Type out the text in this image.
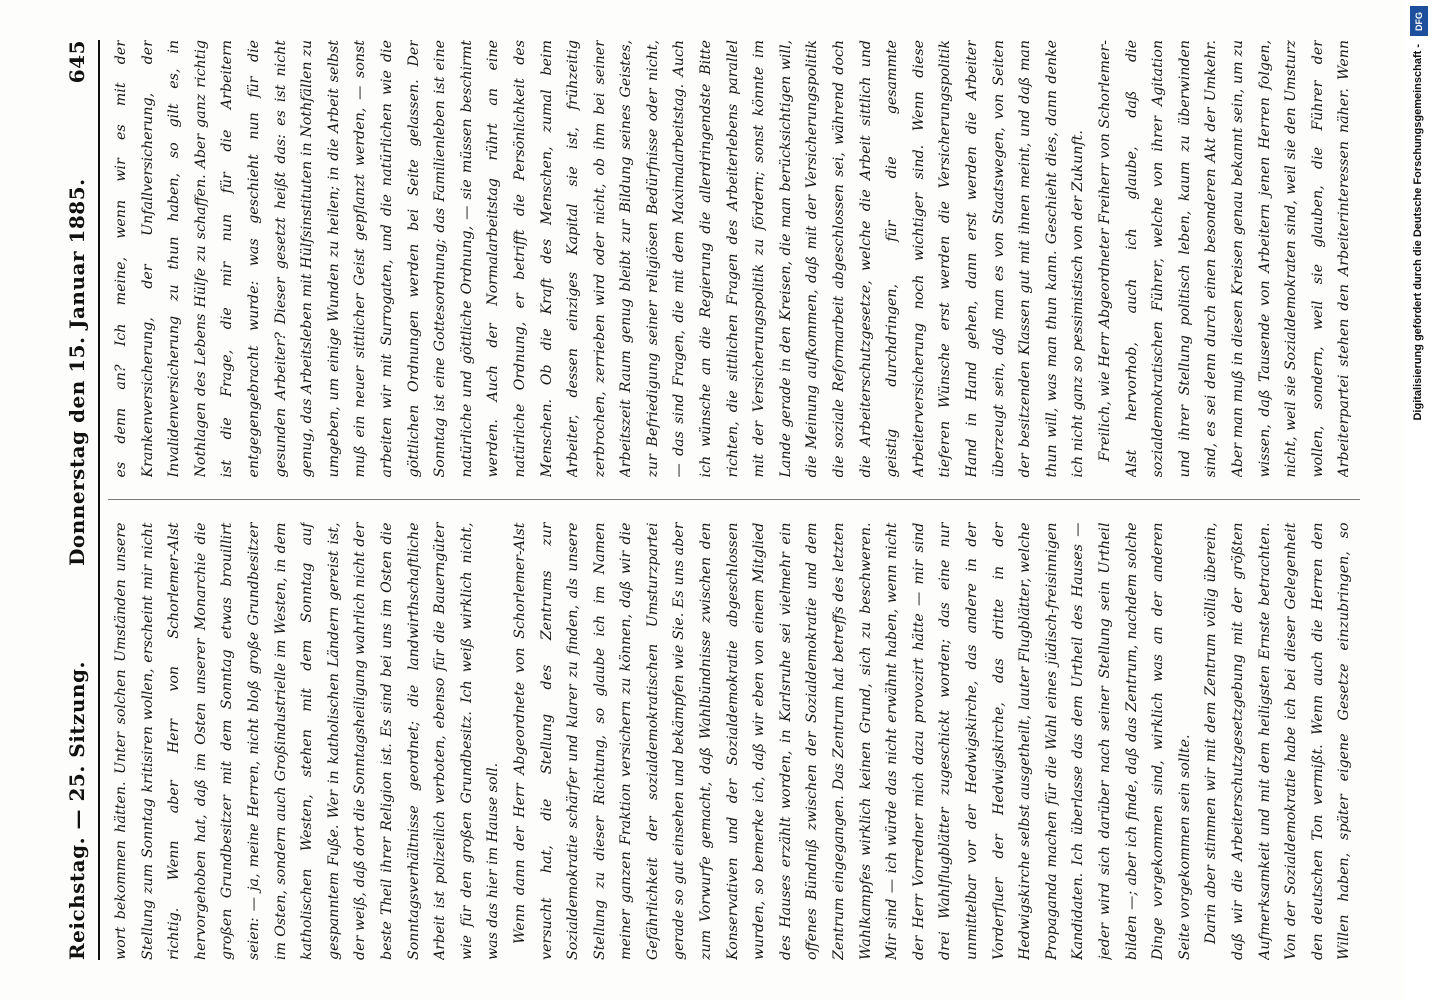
Reichstag. — 25. Sitzung.
Donnerstag den 15. Januar 1885.
645

wort bekommen hätten. Unter solchen Umständen unsere Stellung zum Sonntag kritisiren wollen, erscheint mir nicht richtig. Wenn aber Herr von Schorlemer-Alst hervorgehoben hat, daß im Osten unserer Monarchie die großen Grundbesitzer mit dem Sonntag etwas brouillirt seien: — ja, meine Herren, nicht bloß große Grundbesitzer im Osten, sondern auch Großindustrielle im Westen, in dem katholischen Westen, stehen mit dem Sonntag auf gespanntem Fuße. Wer in katholischen Ländern gereist ist, der weiß, daß dort die Sonntagsheiligung wahrlich nicht der beste Theil ihrer Religion ist. Es sind bei uns im Osten die Sonntagsverhältnisse geordnet; die landwirthschaftliche Arbeit ist polizeilich verboten, ebenso für die Bauerngüter wie für den großen Grundbesitz. Ich weiß wirklich nicht, was das hier im Hause soll. Wenn dann der Herr Abgeordnete von Schorlemer-Alst versucht hat, die Stellung des Zentrums zur Sozialdemokratie schärfer und klarer zu finden, als unsere Stellung zu dieser Richtung, so glaube ich im Namen meiner ganzen Fraktion versichern zu können, daß wir die Gefährlichkeit der sozialdemokratischen Umsturzpartei gerade so gut einsehen und bekämpfen wie Sie. Es uns aber zum Vorwurfe gemacht, daß Wahlbündnisse zwischen den Konservativen und der Sozialdemokratie abgeschlossen wurden, so bemerke ich, daß wir eben von einem Mitglied des Hauses erzählt worden, in Karlsruhe sei vielmehr ein offenes Bündniß zwischen der Sozialdemokratie und dem Zentrum eingegangen. Das Zentrum hat betreffs des letzten Wahlkampfes wirklich keinen Grund, sich zu beschweren. Mir sind — ich würde das nicht erwähnt haben, wenn nicht der Herr Vorredner mich dazu provozirt hätte — mir sind drei Wahlflugblätter zugeschickt worden; das eine nur unmittelbar vor der Hedwigskirche, das andere in der Vorderfluer der Hedwigskirche, das dritte in der Hedwigskirche selbst ausgetheilt, lauter Flugblätter, welche Propaganda machen für die Wahl eines jüdisch-freisinnigen Kandidaten. Ich überlasse das dem Urtheil des Hauses — jeder wird sich darüber nach seiner Stellung sein Urtheil bilden —; aber ich finde, daß das Zentrum, nachdem solche Dinge vorgekommen sind, wirklich was an der anderen Seite vorgekommen sein sollte. Darin aber stimmen wir mit dem Zentrum völlig überein, daß wir die Arbeiterschutzgesetzgebung mit der größten Aufmerksamkeit und mit dem heiligsten Ernste betrachten. Von der Sozialdemokratie habe ich bei dieser Gelegenheit den deutschen Ton vermißt. Wenn auch die Herren den Willen haben, später eigene Gesetze einzubringen, so

es denn an? Ich meine, wenn wir es mit der Krankenversicherung, der Unfallversicherung, der Invalidenversicherung zu thun haben, so gilt es, in Nothlagen des Lebens Hülfe zu schaffen. Aber ganz richtig ist die Frage, die mir nun für die Arbeitern entgegengebracht wurde: was geschieht nun für die gesunden Arbeiter? Dieser gesetzt heißt das: es ist nicht genug, das Arbeitsleben mit Hülfsinstituten in Nothfällen zu umgeben, um einige Wunden zu heilen; in die Arbeit selbst muß ein neuer sittlicher Geist gepflanzt werden, — sonst arbeiten wir mit Surrogaten, und die natürlichen wie die göttlichen Ordnungen werden bei Seite gelassen. Der Sonntag ist eine Gottesordnung; das Familienleben ist eine natürliche und göttliche Ordnung, — sie müssen beschirmt werden. Auch der Normalarbeitstag rührt an eine natürliche Ordnung, er betrifft die Persönlichkeit des Menschen. Ob die Kraft des Menschen, zumal beim Arbeiter, dessen einziges Kapital sie ist, frühzeitig zerbrochen, zerrieben wird oder nicht, ob ihm bei seiner Arbeitszeit Raum genug bleibt zur Bildung seines Geistes, zur Befriedigung seiner religiösen Bedürfnisse oder nicht, — das sind Fragen, die mit dem Maximalarbeitstag. Auch ich wünsche an die Regierung die allerdringendste Bitte richten, die sittlichen Fragen des Arbeiterlebens parallel mit der Versicherungspolitik zu fördern; sonst könnte im Lande gerade in den Kreisen, die man berücksichtigen will, die Meinung aufkommen, daß mit der Versicherungspolitik die soziale Reformarbeit abgeschlossen sei, während doch die Arbeiterschutzgesetze, welche die Arbeit sittlich und geistig durchdringen, für die gesammte Arbeiterversicherung noch wichtiger sind. Wenn diese tieferen Wünsche erst werden die Versicherungspolitik Hand in Hand gehen, dann erst werden die Arbeiter überzeugt sein, daß man es von Staatswegen, von Seiten der besitzenden Klassen gut mit ihnen meint, und daß man thun will, was man thun kann. Geschieht dies, dann denke ich nicht ganz so pessimistisch von der Zukunft. Freilich, wie Herr Abgeordneter Freiherr von Schorlemer-Alst hervorhob, auch ich glaube, daß die sozialdemokratischen Führer, welche von ihrer Agitation und ihrer Stellung politisch leben, kaum zu überwinden sind, es sei denn durch einen besonderen Akt der Umkehr. Aber man muß in diesen Kreisen genau bekannt sein, um zu wissen, daß Tausende von Arbeitern jenen Herren folgen, nicht, weil sie Sozialdemokraten sind, weil sie den Umsturz wollen, sondern, weil sie glauben, die Führer der Arbeiterpartei stehen den Arbeiterinteressen näher. Wenn

DFG
Digitalisierung gefördert durch die Deutsche Forschungsgemeinschaft -
